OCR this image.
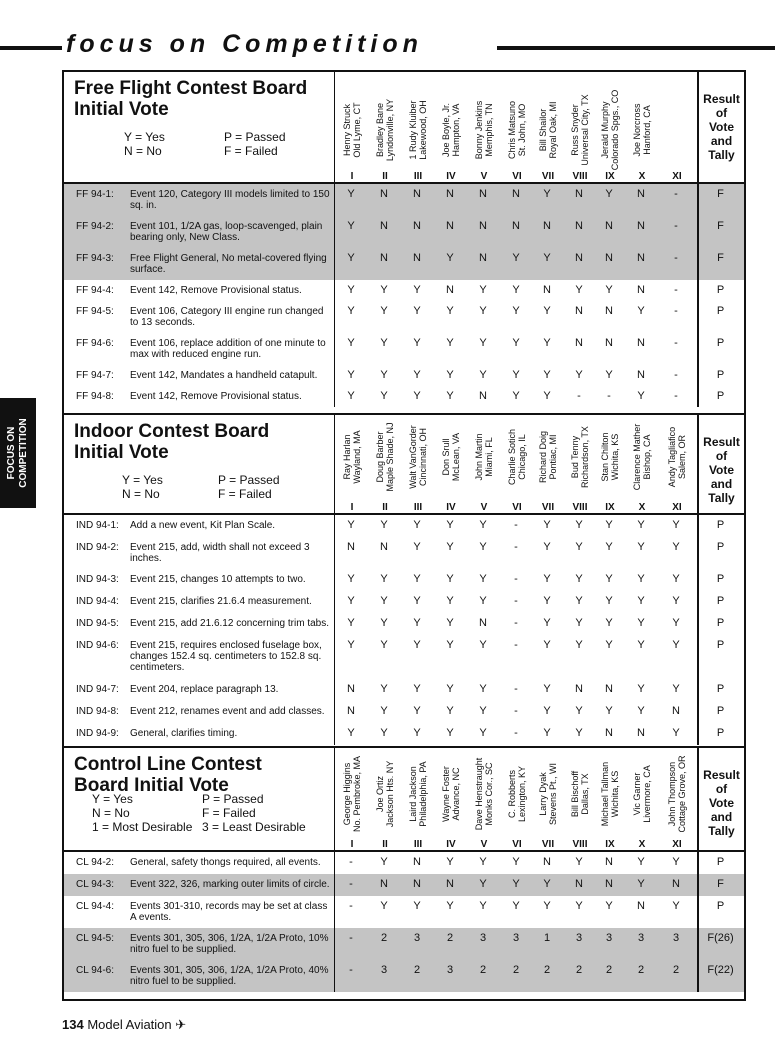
focus on Competition
FOCUS ON COMPETITION
Free Flight Contest Board
Initial Vote
Y = Yes	P = Passed
N = No	F = Failed	Henry Struck Old Lyme, CT
I
Bradley Bane Lyndonville, NY
II
1 Rudy Kluiber Lakewood, OH
III
Joe Boyle, Jr. Hampton, VA
IV
Bonny Jenkins Memphis, TN
V
Chris Matsuno St. John, MO
VI
Bill Shailor Royal Oak, MI
VII
Russ Snyder Universal City, TX
VIII
Jerald Murphy Colorado Spgs., CO
IX
Joe Norcross Hanford, CA
X	XI
Result
of
Vote
and
Tally
FF 94-1: Event 120, Category III models limited to 150 sq. in.
Y	N	N	N	N	N	Y	N	Y	N	-	F
FF 94-2: Event 101, 1/2A gas, loop-scavenged, plain bearing only, New Class.
Y	N	N	N	N	N	N	N	N	N	-	F
FF 94-3: Free Flight General, No metal-covered flying surface.
Y	N	N	Y	N	Y	Y	N	N	N	-	F
FF 94-4: Event 142, Remove Provisional status.	Y	Y	Y	N	Y	Y	N	Y	Y	N	-	P
FF 94-5: Event 106, Category III engine run changed to 13 seconds.
Y	Y	Y	Y	Y	Y	Y	N	N	Y	-	P
FF 94-6: Event 106, replace addition of one minute to max with reduced engine run.
Y	Y	Y	Y	Y	Y	Y	N	N	N	-	P
FF 94-7: Event 142, Mandates a handheld catapult.	Y	Y	Y	Y	Y	Y	Y	Y	Y	N	-	P
FF 94-8: Event 142, Remove Provisional status.	Y	Y	Y	Y	N	Y	Y	-	-	Y	-	P
Indoor Contest Board
Initial Vote
Y = Yes	P = Passed
N = No	F = Failed
Ray Harlan Wayland, MA
I
Doug Barber Maple Shade, NJ
II
Walt VanGorder Cincinnati, OH
III
Don Srull McLean, VA
IV
John Martin Miami, FL
V
Charlie Sotich Chicago, IL
VI
Richard Doig Pontiac, MI
VII
Bud Tenny Richardson, TX
VIII
Stan Chilton Wichita, KS
IX
Clarence Mather Bishop, CA
X
Andy Tagliafico Salem, OR
XI
Result
of
Vote
and
Tally
IND 94-1: Add a new event, Kit Plan Scale.	Y	Y	Y	Y	Y	-	Y	Y	Y	Y	Y	P
IND 94-2: Event 215, add, width shall not exceed 3 inches.
N	N	Y	Y	Y	-	Y	Y	Y	Y	Y	P
IND 94-3: Event 215, changes 10 attempts to two.	Y	Y	Y	Y	Y	-	Y	Y	Y	Y	Y	P
IND 94-4: Event 215, clarifies 21.6.4 measurement.	Y	Y	Y	Y	Y	-	Y	Y	Y	Y	Y	P
IND 94-5: Event 215, add 21.6.12 concerning trim tabs.	Y	Y	Y	Y	N	-	Y	Y	Y	Y	Y	P
IND 94-6: Event 215, requires enclosed fuselage box, changes 152.4 sq. centimeters to 152.8 sq. centimeters.
Y	Y	Y	Y	Y	-	Y	Y	Y	Y	Y	P
IND 94-7: Event 204, replace paragraph 13.	N	Y	Y	Y	Y	-	Y	N	N	Y	Y	P
IND 94-8: Event 212, renames event and add classes.	N	Y	Y	Y	Y	-	Y	Y	Y	Y	N	P
IND 94-9: General, clarifies timing.	Y	Y	Y	Y	Y	-	Y	Y	N	N	Y	P
Control Line Contest
Board Initial Vote
Y = Yes	P = Passed
N = No	F = Failed
1 = Most Desirable 3 = Least Desirable
George Higgins No. Pembroke, MA
I
Joe Ortiz Jackson Hts. NY
II
Laird Jackson Philadelphia, PA
III
Wayne Foster Advance, NC
IV
Dave Henstraught Monks Cor., SC
V
C. Robberts Lexington, KY
VI
Larry Dyak Stevens Pt., WI
VII
Bill Bischoff Dallas, TX
VIII
Michael Tallman Wichita, KS
IX
Vic Garner Livermore, CA
X
John Thompson Cottage Grove, OR
XI
Result
of
Vote
and
Tally
CL 94-2: General, safety thongs required, all events.	-	Y	N	Y	Y	Y	N	Y	N	Y	Y	P
CL 94-3: Event 322, 326, marking outer limits of circle.	-	N	N	N	Y	Y	Y	N	N	Y	N	F
CL 94-4: Events 301-310, records may be set at class A events.
-	Y	Y	Y	Y	Y	Y	Y	Y	N	Y	P
CL 94-5: Events 301, 305, 306, 1/2A, 1/2A Proto, 10% nitro fuel to be supplied.
-	2	3	2	3	3	1	3	3	3	3	F(26)
CL 94-6: Events 301, 305, 306, 1/2A, 1/2A Proto, 40% nitro fuel to be supplied.
-	3	2	3	2	2	2	2	2	2	2	F(22)
134 Model Aviation ✈
